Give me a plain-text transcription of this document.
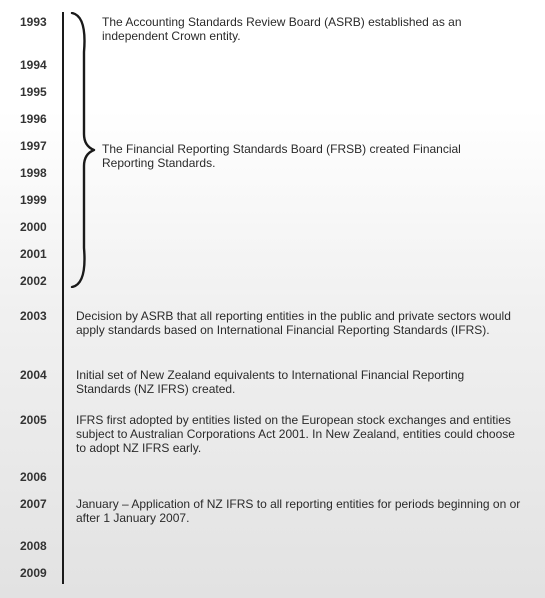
1993
1994
1995
1996
1997
1998
1999
2000
2001
2002
2003
2004
2005
2006
2007
2008
2009
The Accounting Standards Review Board (ASRB) established as an independent Crown entity.
The Financial Reporting Standards Board (FRSB) created Financial Reporting Standards.
Decision by ASRB that all reporting entities in the public and private sectors would apply standards based on International Financial Reporting Standards (IFRS).
Initial set of New Zealand equivalents to International Financial Reporting Standards (NZ IFRS) created.
IFRS first adopted by entities listed on the European stock exchanges and entities subject to Australian Corporations Act 2001. In New Zealand, entities could choose to adopt NZ IFRS early.
January – Application of NZ IFRS to all reporting entities for periods beginning on or after 1 January 2007.
